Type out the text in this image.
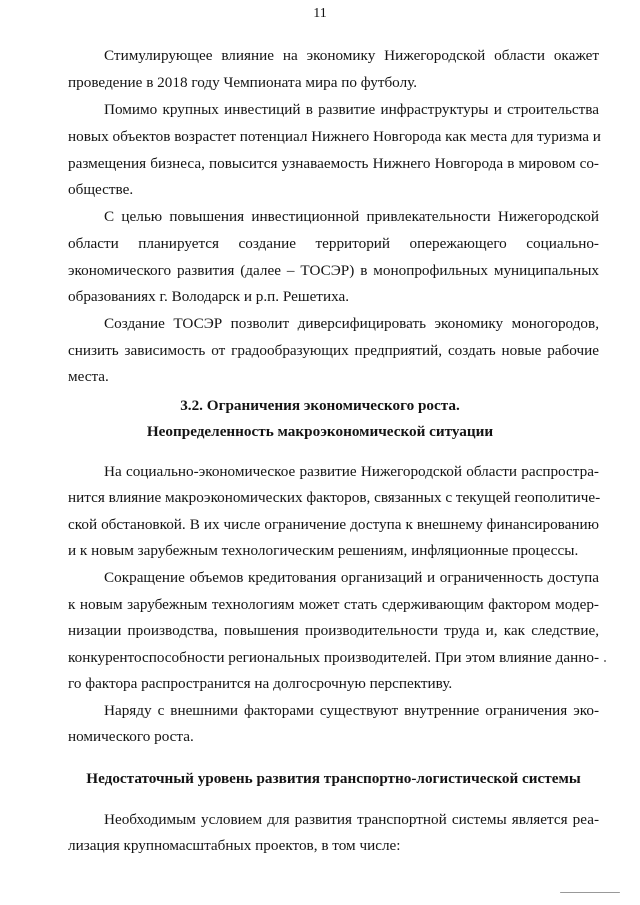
11
Стимулирующее влияние на экономику Нижегородской области окажет
проведение в 2018 году Чемпионата мира по футболу.
Помимо крупных инвестиций в развитие инфраструктуры и строительства
новых объектов возрастет потенциал Нижнего Новгорода как места для туризма и
размещения бизнеса, повысится узнаваемость Нижнего Новгорода в мировом со-
обществе.
С целью повышения инвестиционной привлекательности Нижегородской
области планируется создание территорий опережающего социально-
экономического развития (далее – ТОСЭР) в монопрофильных муниципальных
образованиях г. Володарск и р.п. Решетиха.
Создание ТОСЭР позволит диверсифицировать экономику моногородов,
снизить зависимость от градообразующих предприятий, создать новые рабочие
места.
3.2. Ограничения экономического роста.
Неопределенность макроэкономической ситуации
На социально-экономическое развитие Нижегородской области распростра-
нится влияние макроэкономических факторов, связанных с текущей геополитиче-
ской обстановкой. В их числе ограничение доступа к внешнему финансированию
и к новым зарубежным технологическим решениям, инфляционные процессы.
Сокращение объемов кредитования организаций и ограниченность доступа
к новым зарубежным технологиям может стать сдерживающим фактором модер-
низации производства, повышения производительности труда и, как следствие,
конкурентоспособности региональных производителей. При этом влияние данно-
го фактора распространится на долгосрочную перспективу.
Наряду с внешними факторами существуют внутренние ограничения эко-
номического роста.
Недостаточный уровень развития транспортно-логистической системы
Необходимым условием для развития транспортной системы является реа-
лизация крупномасштабных проектов, в том числе:
